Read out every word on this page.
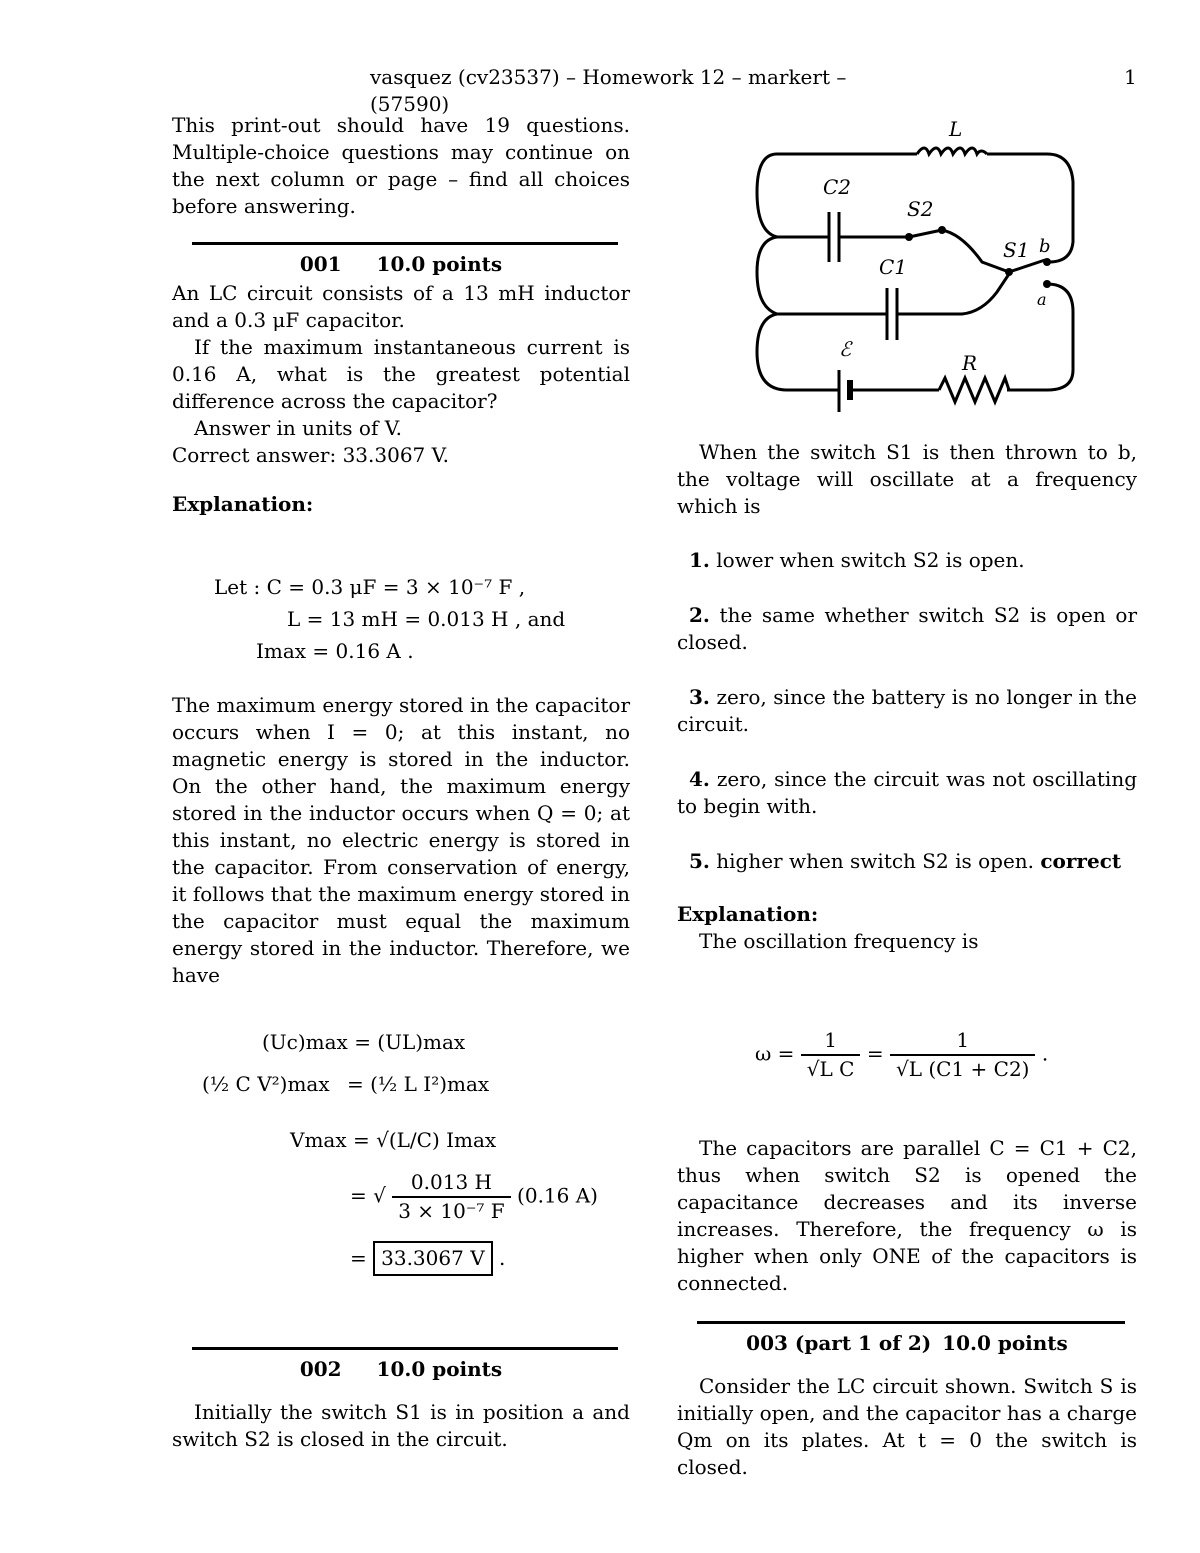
vasquez (cv23537) – Homework 12 – markert – (57590)
1

This print-out should have 19 questions. Multiple-choice questions may continue on the next column or page – find all choices before answering.

001 10.0 points

An LC circuit consists of a 13 mH inductor and a 0.3 μF capacitor.

If the maximum instantaneous current is 0.16 A, what is the greatest potential difference across the capacitor?

Answer in units of V.

Correct answer: 33.3067 V.

Explanation:

Let : C = 0.3 μF = 3 × 10⁻⁷ F ,
L = 13 mH = 0.013 H , and
Imax = 0.16 A .

The maximum energy stored in the capacitor occurs when I = 0; at this instant, no magnetic energy is stored in the inductor. On the other hand, the maximum energy stored in the inductor occurs when Q = 0; at this instant, no electric energy is stored in the capacitor. From conservation of energy, it follows that the maximum energy stored in the capacitor must equal the maximum energy stored in the inductor. Therefore, we have

(Uc)max = (UL)max
(½ C V²)max = (½ L I²)max
Vmax = √(L/C) Imax
= √ $\frac{0.013 H}{\text{3 × 10⁻⁷ F}} (0.16$ A)
= 33.3067 V .
002 10.0 points

Initially the switch S1 is in position a and switch S2 is closed in the circuit.

L
C2
S2
S1 b
a
C1
ℰ
R

When the switch S1 is then thrown to b, the voltage will oscillate at a frequency which is

1. lower when switch S2 is open.

2. the same whether switch S2 is open or closed.

3. zero, since the battery is no longer in the circuit.

4. zero, since the circuit was not oscillating to begin with.

5. higher when switch S2 is open. correct

Explanation:

The oscillation frequency is

$\omega = \frac{1}{\text{√L C}} = \frac{1}{√L (C1 + C2)}$ .

The capacitors are parallel C = C1 + C2, thus when switch S2 is opened the capacitance decreases and its inverse increases. Therefore, the frequency ω is higher when only ONE of the capacitors is connected.

003 (part 1 of 2) 10.0 points

Consider the LC circuit shown. Switch S is initially open, and the capacitor has a charge Qm on its plates. At t = 0 the switch is closed.
